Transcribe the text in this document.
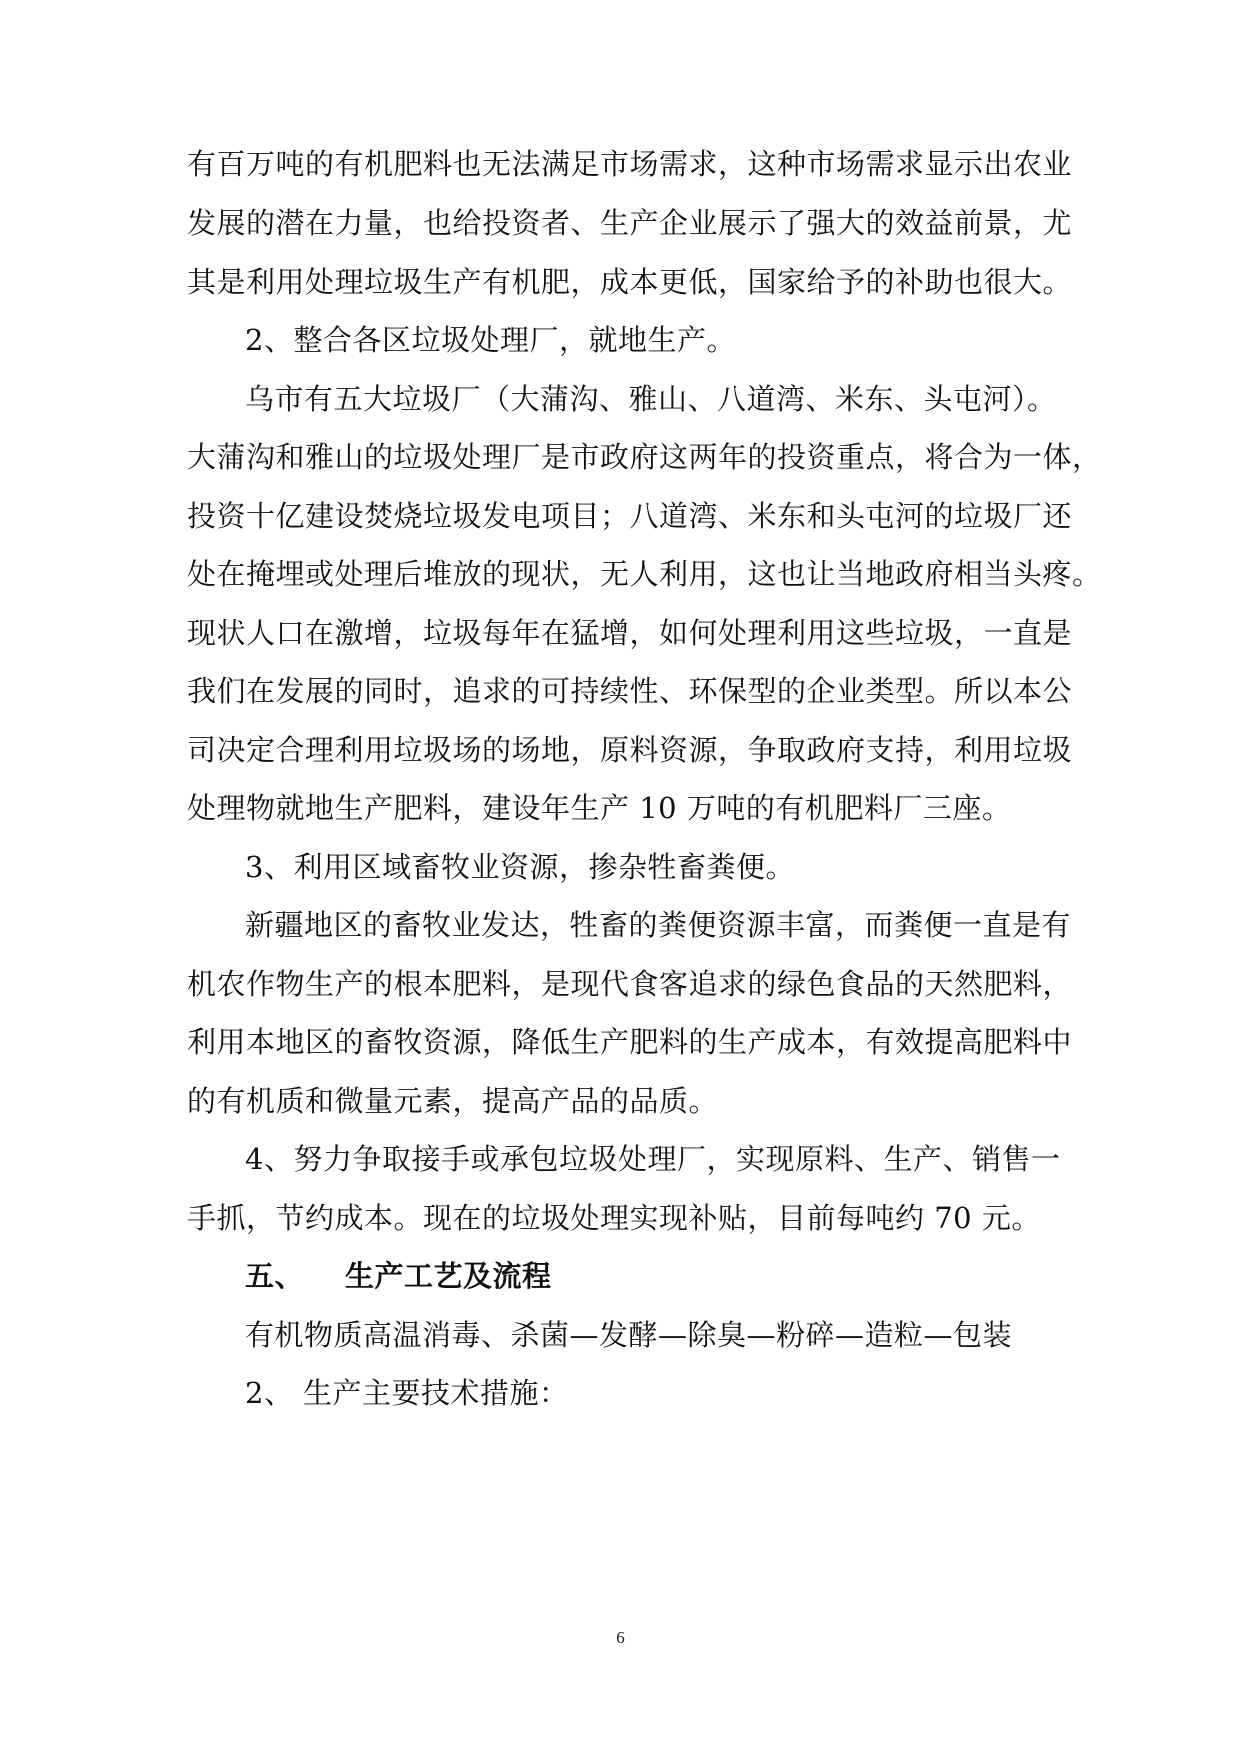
有百万吨的有机肥料也无法满足市场需求，这种市场需求显示出农业
发展的潜在力量，也给投资者、生产企业展示了强大的效益前景，尤
其是利用处理垃圾生产有机肥，成本更低，国家给予的补助也很大。
2、整合各区垃圾处理厂，就地生产。
乌市有五大垃圾厂（大蒲沟、雅山、八道湾、米东、头屯河）。
大蒲沟和雅山的垃圾处理厂是市政府这两年的投资重点，将合为一体，
投资十亿建设焚烧垃圾发电项目；八道湾、米东和头屯河的垃圾厂还
处在掩埋或处理后堆放的现状，无人利用，这也让当地政府相当头疼。
现状人口在激增，垃圾每年在猛增，如何处理利用这些垃圾，一直是
我们在发展的同时，追求的可持续性、环保型的企业类型。所以本公
司决定合理利用垃圾场的场地，原料资源，争取政府支持，利用垃圾
处理物就地生产肥料，建设年生产 10 万吨的有机肥料厂三座。
3、利用区域畜牧业资源，掺杂牲畜粪便。
新疆地区的畜牧业发达，牲畜的粪便资源丰富，而粪便一直是有
机农作物生产的根本肥料，是现代食客追求的绿色食品的天然肥料，
利用本地区的畜牧资源，降低生产肥料的生产成本，有效提高肥料中
的有机质和微量元素，提高产品的品质。
4、努力争取接手或承包垃圾处理厂，实现原料、生产、销售一
手抓，节约成本。现在的垃圾处理实现补贴，目前每吨约 70 元。
五、 生产工艺及流程
有机物质高温消毒、杀菌—发酵—除臭—粉碎—造粒—包装
2、 生产主要技术措施：
6
